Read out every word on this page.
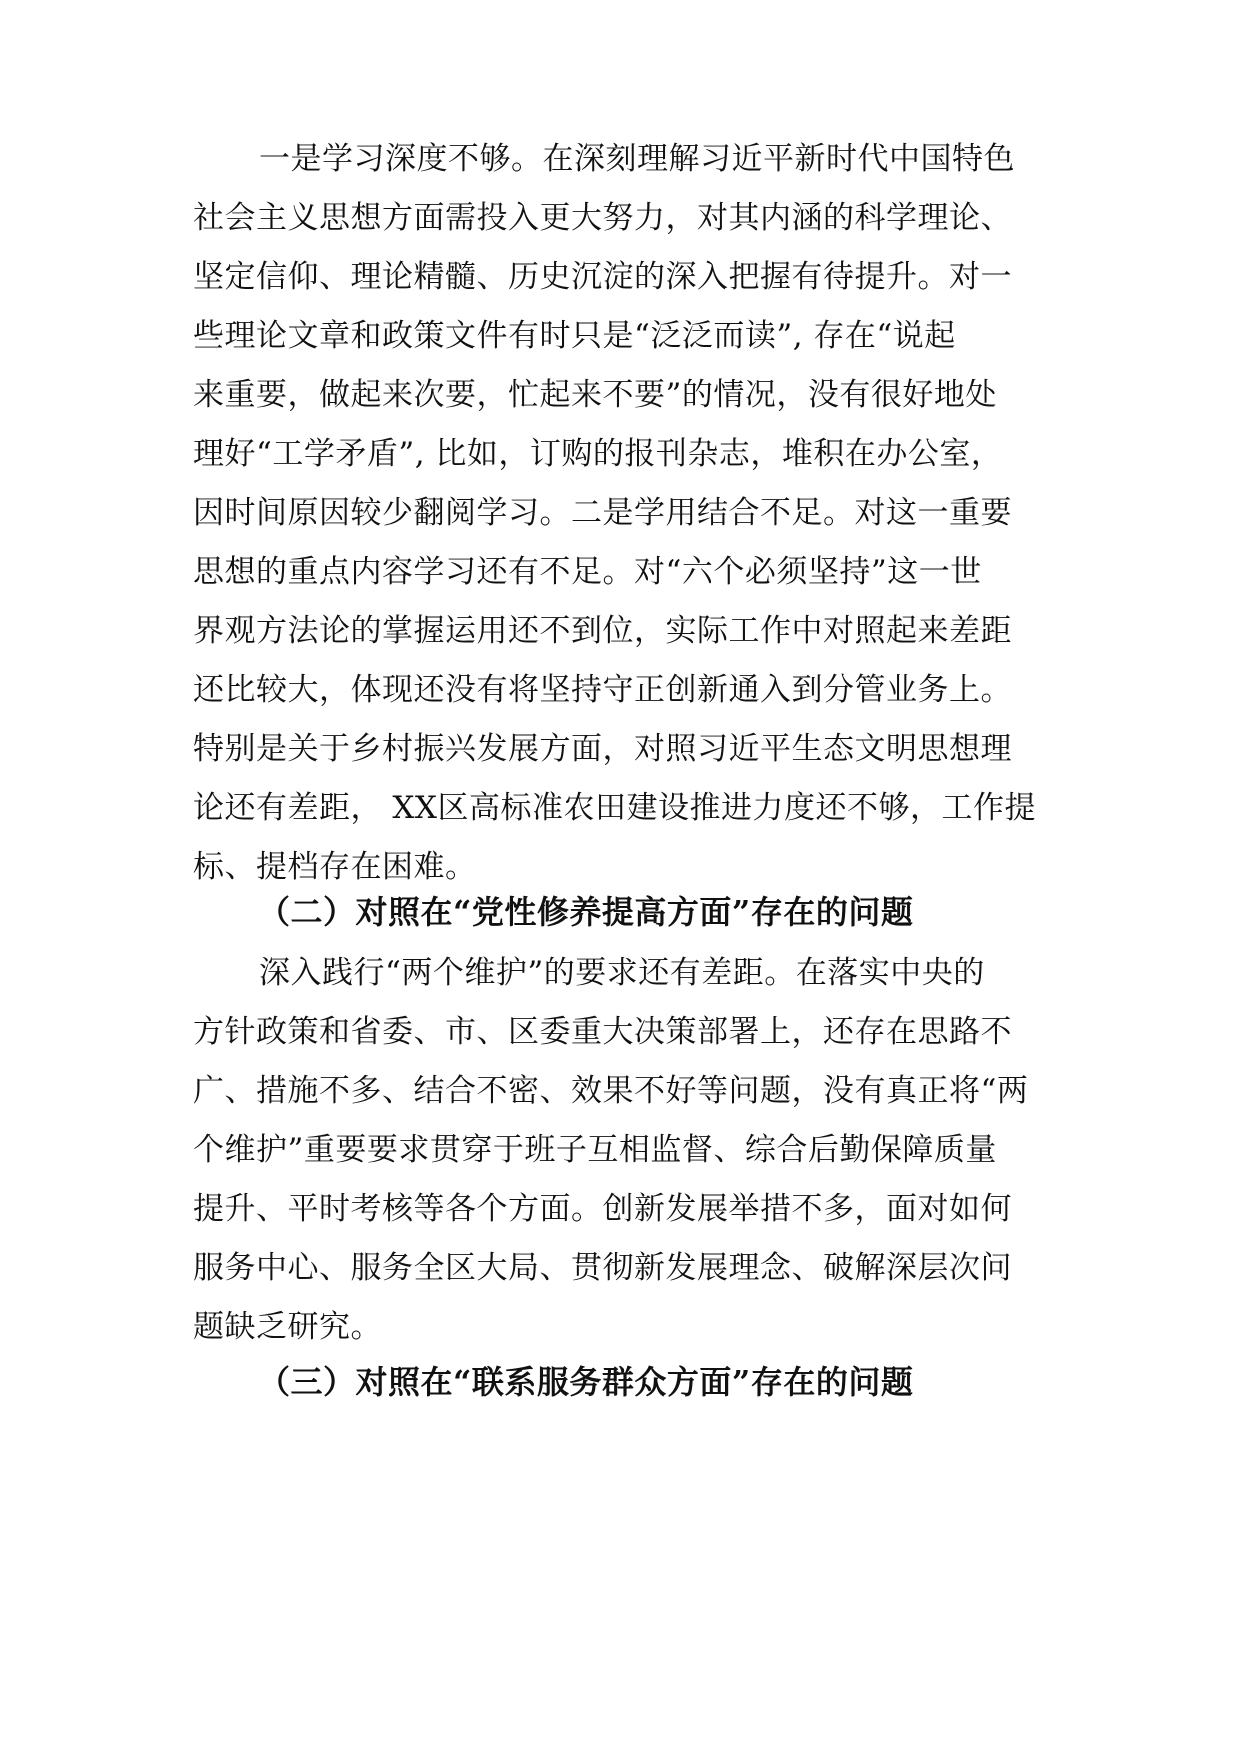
一是学习深度不够。在深刻理解习近平新时代中国特色
社会主义思想方面需投入更大努力，对其内涵的科学理论、
坚定信仰、理论精髓、历史沉淀的深入把握有待提升。对一
些理论文章和政策文件有时只是“泛泛而读”, 存在“说起
来重要，做起来次要，忙起来不要”的情况，没有很好地处
理好“工学矛盾”, 比如，订购的报刊杂志，堆积在办公室，
因时间原因较少翻阅学习。二是学用结合不足。对这一重要
思想的重点内容学习还有不足。对“六个必须坚持”这一世
界观方法论的掌握运用还不到位，实际工作中对照起来差距
还比较大，体现还没有将坚持守正创新通入到分管业务上。
特别是关于乡村振兴发展方面，对照习近平生态文明思想理
论还有差距， XX区高标准农田建设推进力度还不够，工作提
标、提档存在困难。
（二）对照在“党性修养提高方面”存在的问题
深入践行“两个维护”的要求还有差距。在落实中央的
方针政策和省委、市、区委重大决策部署上，还存在思路不
广、措施不多、结合不密、效果不好等问题，没有真正将“两
个维护”重要要求贯穿于班子互相监督、综合后勤保障质量
提升、平时考核等各个方面。创新发展举措不多，面对如何
服务中心、服务全区大局、贯彻新发展理念、破解深层次问
题缺乏研究。
（三）对照在“联系服务群众方面”存在的问题
